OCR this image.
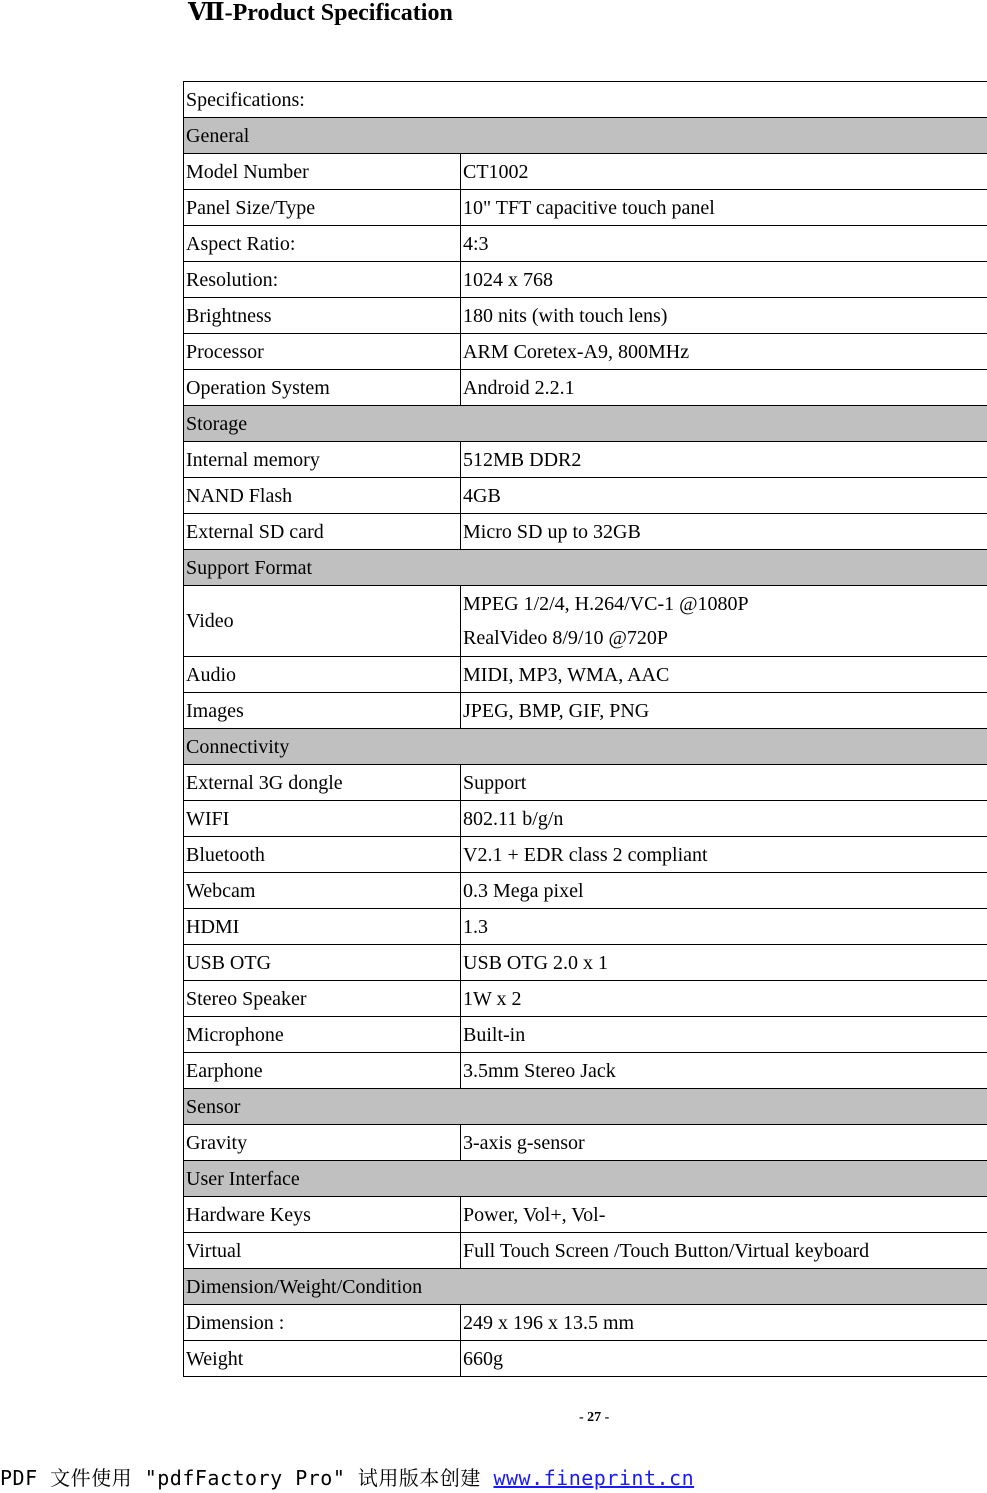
Ⅶ-Product Specification
Specifications:	
General	
Model Number	CT1002
Panel Size/Type	10" TFT capacitive touch panel
Aspect Ratio:	4:3
Resolution:	1024 x 768
Brightness	180 nits (with touch lens)
Processor	ARM Coretex-A9, 800MHz
Operation System	Android 2.2.1
Storage	
Internal memory	512MB DDR2
NAND Flash	4GB
External SD card	Micro SD up to 32GB
Support Format	
Video	MPEG 1/2/4, H.264/VC-1 @1080P
RealVideo 8/9/10 @720P

Audio	MIDI, MP3, WMA, AAC
Images	JPEG, BMP, GIF, PNG
Connectivity	
External 3G dongle	Support
WIFI	802.11 b/g/n
Bluetooth	V2.1 + EDR class 2 compliant
Webcam	0.3 Mega pixel
HDMI	1.3
USB OTG	USB OTG 2.0 x 1
Stereo Speaker	1W x 2
Microphone	Built-in
Earphone	3.5mm Stereo Jack
Sensor	
Gravity	3-axis g-sensor
User Interface	
Hardware Keys	Power, Vol+, Vol-
Virtual	Full Touch Screen /Touch Button/Virtual keyboard
Dimension/Weight/Condition	
Dimension :	249 x 196 x 13.5 mm
Weight	660g
- 27 -
PDF 文件使用 "pdfFactory Pro" 试用版本创建 www.fineprint.cn
